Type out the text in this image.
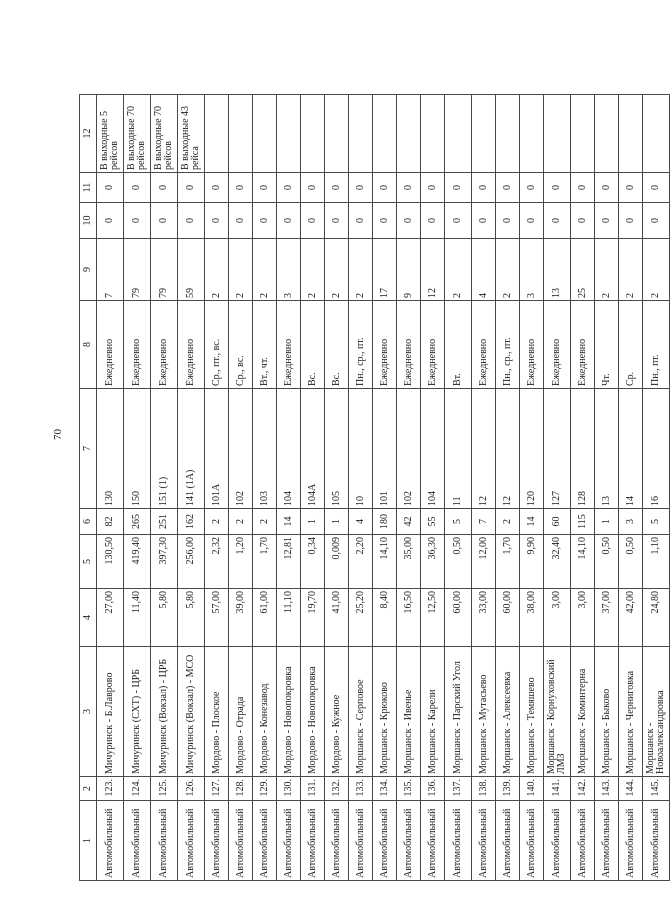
70
1	2	3	4	5	6	7	8	9	10	11	12
Автомобильный	123.	Мичуринск - Б.Лаврово	27,00	130,50	82	130	Ежедневно	7	0	0	В выходные 5 рейсов
Автомобильный	124.	Мичуринск (СХТ) - ЦРБ	11,40	419,40	265	150	Ежедневно	79	0	0	В выходные 70 рейсов
Автомобильный	125.	Мичуринск (Вокзал) - ЦРБ	5,80	397,30	251	151 (1)	Ежедневно	79	0	0	В выходные 70 рейсов
Автомобильный	126.	Мичуринск (Вокзал) - МСО	5,80	256,00	162	141 (1А)	Ежедневно	59	0	0	В выходные 43 рейса
Автомобильный	127.	Мордово - Плоское	57,00	2,32	2	101А	Ср., пт., вс.	2	0	0	
Автомобильный	128.	Мордово - Отрада	39,00	1,20	2	102	Ср., вс.	2	0	0	
Автомобильный	129.	Мордово - Конезавод	61,00	1,70	2	103	Вт., чт.	2	0	0	
Автомобильный	130.	Мордово - Новопокровка	11,10	12,81	14	104	Ежедневно	3	0	0	
Автомобильный	131.	Мордово - Новопокровка	19,70	0,34	1	104А	Вс.	2	0	0	
Автомобильный	132.	Мордово - Кужное	41,00	0,009	1	105	Вс.	2	0	0	
Автомобильный	133.	Моршанск - Серповое	25,20	2,20	4	10	Пн., ср., пт.	2	0	0	
Автомобильный	134.	Моршанск - Крюково	8,40	14,10	180	101	Ежедневно	17	0	0	
Автомобильный	135.	Моршанск - Ивенье	16,50	35,00	42	102	Ежедневно	9	0	0	
Автомобильный	136.	Моршанск - Карели	12,50	36,30	55	104	Ежедневно	12	0	0	
Автомобильный	137.	Моршанск - Парский Угол	60,00	0,50	5	11	Вт.	2	0	0	
Автомобильный	138.	Моршанск - Мутасьево	33,00	12,00	7	12	Ежедневно	4	0	0	
Автомобильный	139.	Моршанск - Алексеевка	60,00	1,70	2	12	Пн., ср., пт.	2	0	0	
Автомобильный	140.	Моршанск - Темяшево	38,00	9,90	14	120	Ежедневно	3	0	0	
Автомобильный	141.	Моршанск - Корнуховский ЛМЗ	3,00	32,40	60	127	Ежедневно	13	0	0	
Автомобильный	142.	Моршанск - Коминтерна	3,00	14,10	115	128	Ежедневно	25	0	0	
Автомобильный	143.	Моршанск - Быково	37,00	0,50	1	13	Чт.	2	0	0	
Автомобильный	144.	Моршанск - Черниговка	42,00	0,50	3	14	Ср.	2	0	0	
Автомобильный	145.	Моршанск - Новоалександровка	24,80	1,10	5	16	Пн., пт.	2	0	0	
